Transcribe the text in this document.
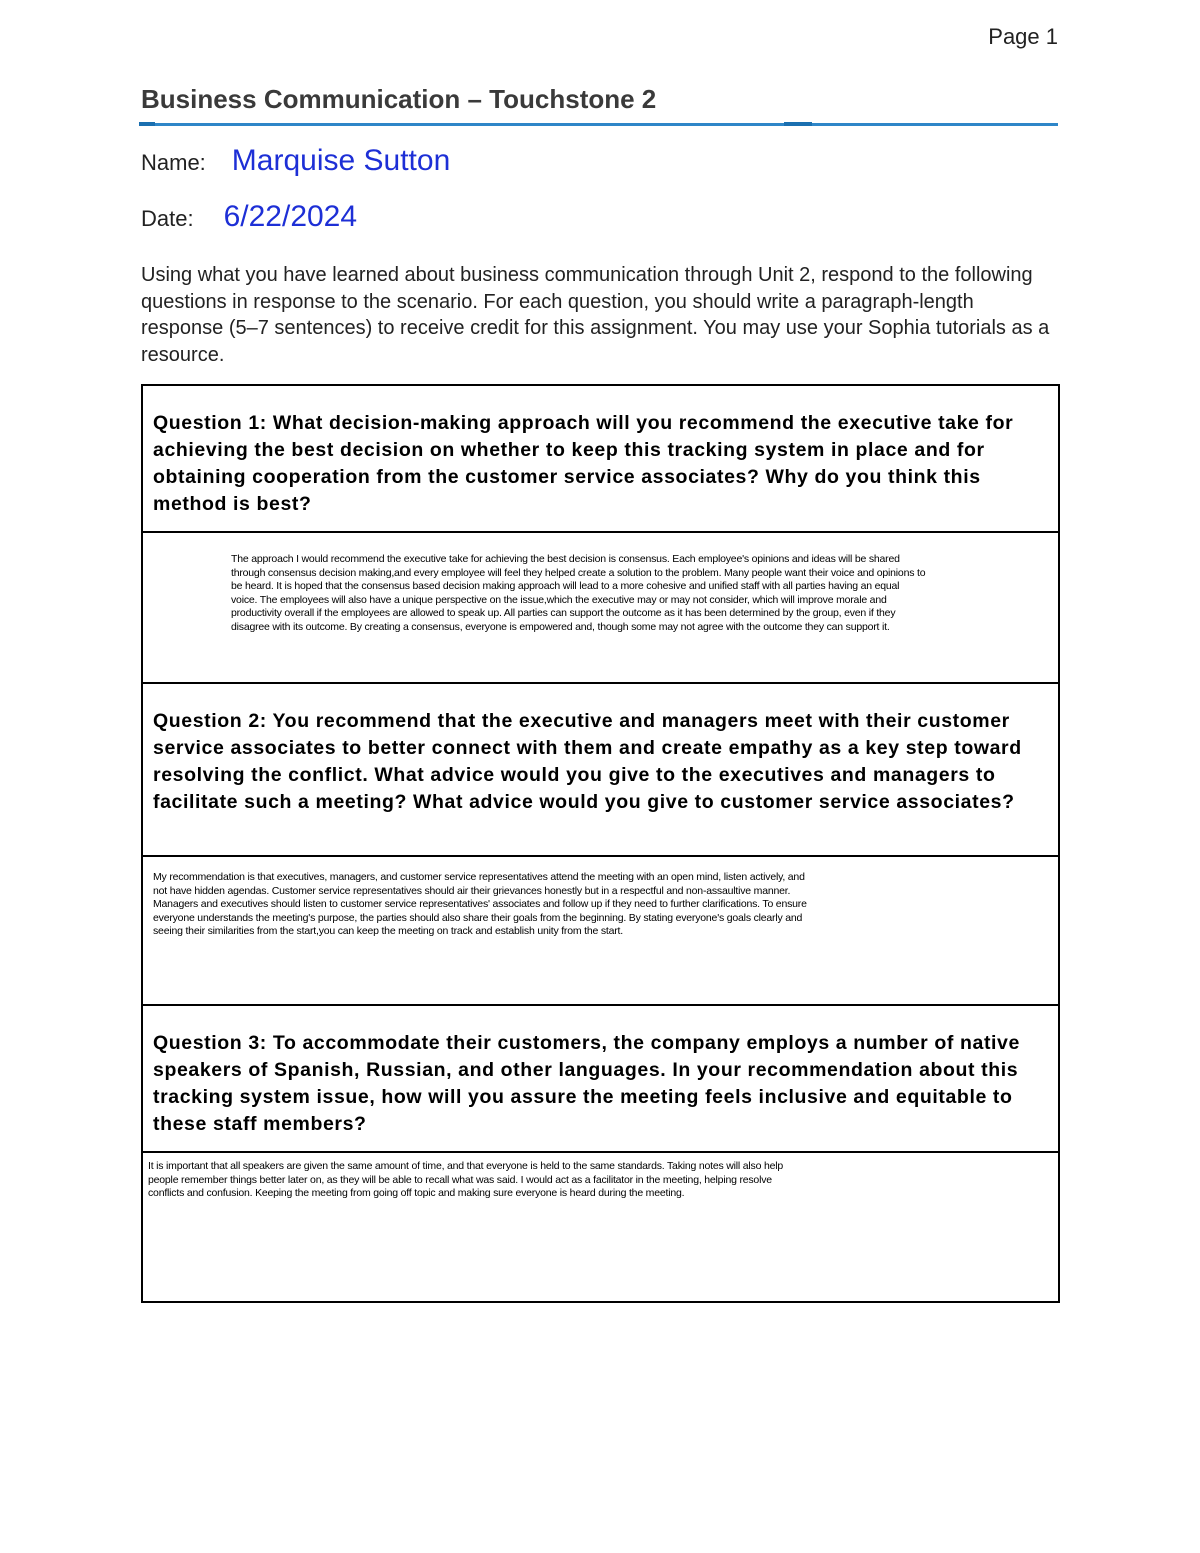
Page 1
Business Communication – Touchstone 2
Name: Marquise Sutton
Date: 6/22/2024

Using what you have learned about business communication through Unit 2, respond to the following questions in response to the scenario. For each question, you should write a paragraph-length response (5–7 sentences) to receive credit for this assignment. You may use your Sophia tutorials as a resource.

Question 1: What decision-making approach will you recommend the executive take for achieving the best decision on whether to keep this tracking system in place and for obtaining cooperation from the customer service associates? Why do you think this method is best?

The approach I would recommend the executive take for achieving the best decision is consensus. Each employee's opinions and ideas will be shared through consensus decision making,and every employee will feel they helped create a solution to the problem. Many people want their voice and opinions to be heard. It is hoped that the consensus based decision making approach will lead to a more cohesive and unified staff with all parties having an equal voice. The employees will also have a unique perspective on the issue,which the executive may or may not consider, which will improve morale and productivity overall if the employees are allowed to speak up. All parties can support the outcome as it has been determined by the group, even if they disagree with its outcome. By creating a consensus, everyone is empowered and, though some may not agree with the outcome they can support it.

Question 2: You recommend that the executive and managers meet with their customer service associates to better connect with them and create empathy as a key step toward resolving the conflict. What advice would you give to the executives and managers to facilitate such a meeting? What advice would you give to customer service associates?

My recommendation is that executives, managers, and customer service representatives attend the meeting with an open mind, listen actively, and not have hidden agendas. Customer service representatives should air their grievances honestly but in a respectful and non-assaultive manner. Managers and executives should listen to customer service representatives' associates and follow up if they need to further clarifications. To ensure everyone understands the meeting's purpose, the parties should also share their goals from the beginning. By stating everyone's goals clearly and seeing their similarities from the start,you can keep the meeting on track and establish unity from the start.

Question 3: To accommodate their customers, the company employs a number of native speakers of Spanish, Russian, and other languages. In your recommendation about this tracking system issue, how will you assure the meeting feels inclusive and equitable to these staff members?

It is important that all speakers are given the same amount of time, and that everyone is held to the same standards. Taking notes will also help people remember things better later on, as they will be able to recall what was said. I would act as a facilitator in the meeting, helping resolve conflicts and confusion. Keeping the meeting from going off topic and making sure everyone is heard during the meeting.
